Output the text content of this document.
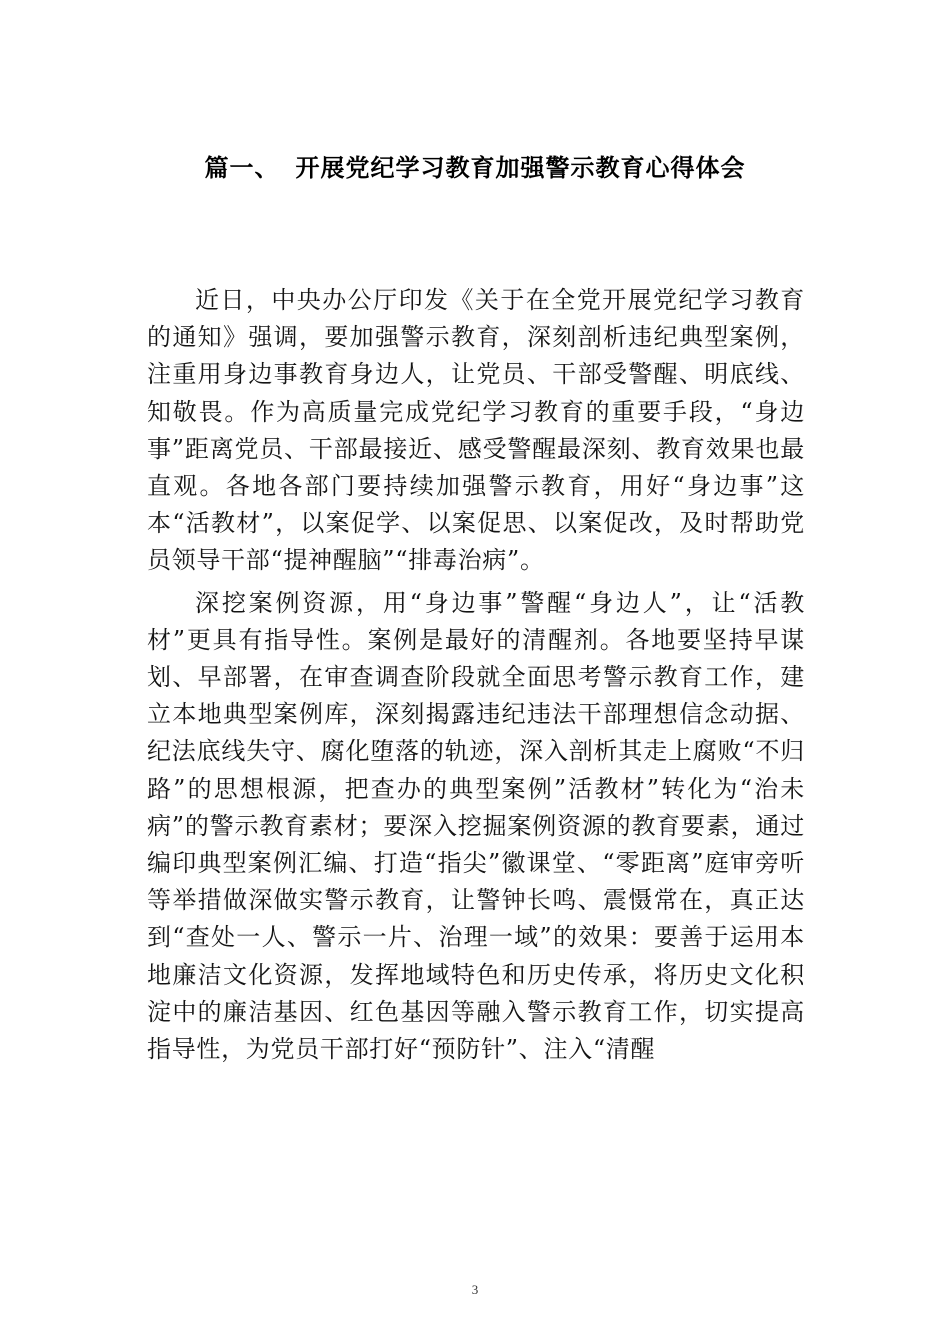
篇一、 开展党纪学习教育加强警示教育心得体会

近日，中央办公厅印发《关于在全党开展党纪学习教育的通知》强调，要加强警示教育，深刻剖析违纪典型案例，注重用身边事教育身边人，让党员、干部受警醒、明底线、知敬畏。作为高质量完成党纪学习教育的重要手段，“身边事”距离党员、干部最接近、感受警醒最深刻、教育效果也最直观。各地各部门要持续加强警示教育，用好“身边事”这本“活教材”，以案促学、以案促思、以案促改，及时帮助党员领导干部“提神醒脑”“排毒治病”。

深挖案例资源，用“身边事”警醒“身边人”，让“活教材”更具有指导性。案例是最好的清醒剂。各地要坚持早谋划、早部署，在审查调查阶段就全面思考警示教育工作，建立本地典型案例库，深刻揭露违纪违法干部理想信念动据、纪法底线失守、腐化堕落的轨迹，深入剖析其走上腐败“不归路”的思想根源，把查办的典型案例”活教材”转化为“治未病”的警示教育素材；要深入挖掘案例资源的教育要素，通过编印典型案例汇编、打造“指尖”徽课堂、“零距离”庭审旁听等举措做深做实警示教育，让警钟长鸣、震慑常在，真正达到“查处一人、警示一片、治理一域”的效果：要善于运用本地廉洁文化资源，发挥地域特色和历史传承，将历史文化积淀中的廉洁基因、红色基因等融入警示教育工作，切实提高指导性，为党员干部打好“预防针”、注入“清醒

3
